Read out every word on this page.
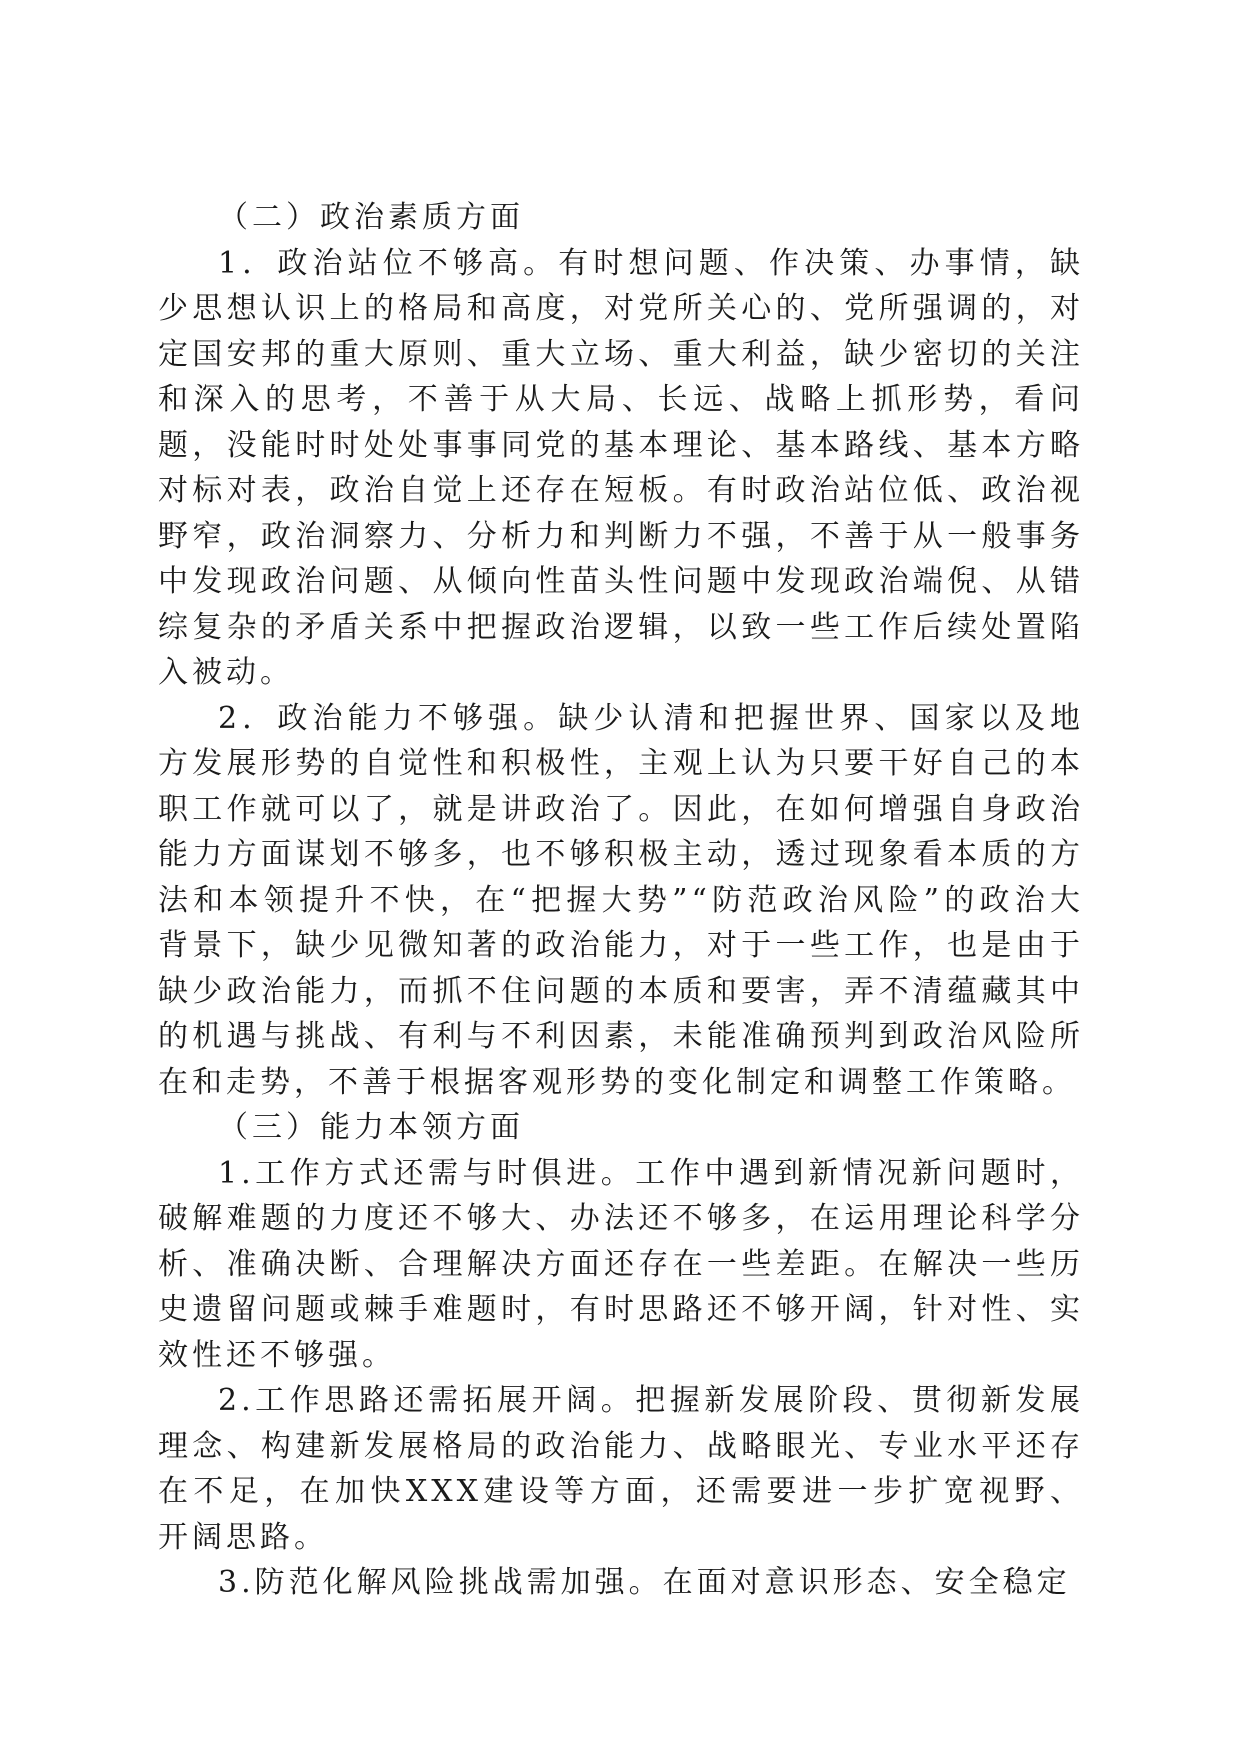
（二）政治素质方面

1．政治站位不够高。有时想问题、作决策、办事情，缺少思想认识上的格局和高度，对党所关心的、党所强调的，对定国安邦的重大原则、重大立场、重大利益，缺少密切的关注和深入的思考，不善于从大局、长远、战略上抓形势，看问题，没能时时处处事事同党的基本理论、基本路线、基本方略对标对表，政治自觉上还存在短板。有时政治站位低、政治视野窄，政治洞察力、分析力和判断力不强，不善于从一般事务中发现政治问题、从倾向性苗头性问题中发现政治端倪、从错综复杂的矛盾关系中把握政治逻辑，以致一些工作后续处置陷入被动。

2．政治能力不够强。缺少认清和把握世界、国家以及地方发展形势的自觉性和积极性，主观上认为只要干好自己的本职工作就可以了，就是讲政治了。因此，在如何增强自身政治能力方面谋划不够多，也不够积极主动，透过现象看本质的方法和本领提升不快，在“把握大势”“防范政治风险”的政治大背景下，缺少见微知著的政治能力，对于一些工作，也是由于缺少政治能力，而抓不住问题的本质和要害，弄不清蕴藏其中的机遇与挑战、有利与不利因素，未能准确预判到政治风险所在和走势，不善于根据客观形势的变化制定和调整工作策略。

（三）能力本领方面

1.工作方式还需与时俱进。工作中遇到新情况新问题时，破解难题的力度还不够大、办法还不够多，在运用理论科学分析、准确决断、合理解决方面还存在一些差距。在解决一些历史遗留问题或棘手难题时，有时思路还不够开阔，针对性、实效性还不够强。

2.工作思路还需拓展开阔。把握新发展阶段、贯彻新发展理念、构建新发展格局的政治能力、战略眼光、专业水平还存在不足，在加快XXX建设等方面，还需要进一步扩宽视野、开阔思路。

3.防范化解风险挑战需加强。在面对意识形态、安全稳定
